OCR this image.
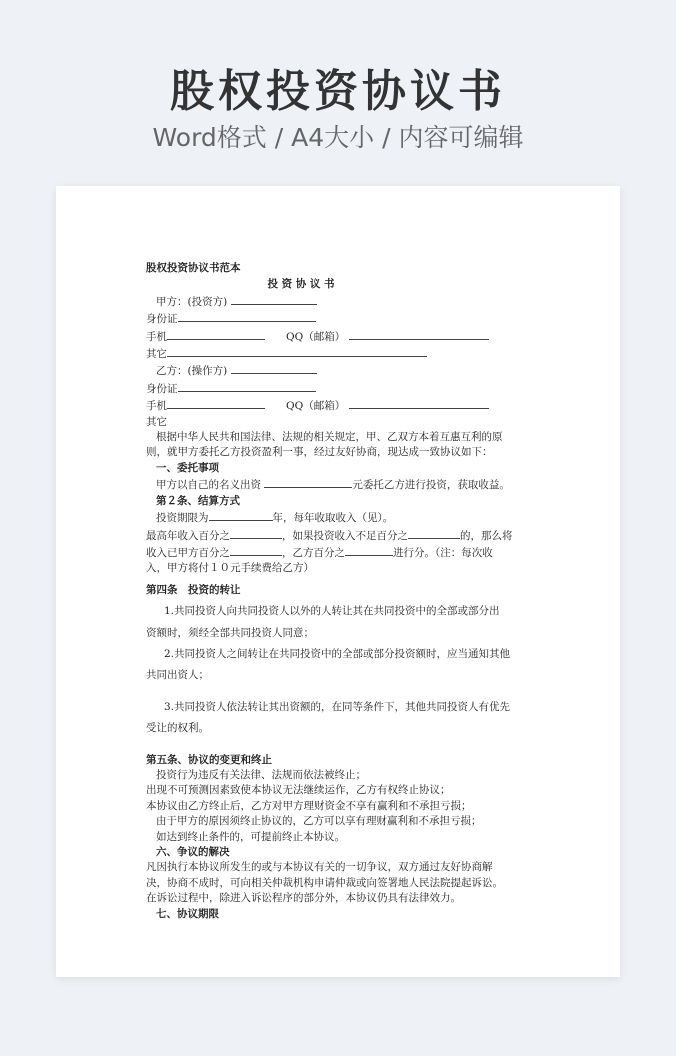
股权投资协议书
Word格式 / A4大小 / 内容可编辑
股权投资协议书范本
投 资 协 议 书
甲方：(投资方)
身份证
手机　　	QQ（邮箱）
其它
乙方：(操作方)
身份证
手机　　	QQ（邮箱）
其它
根据中华人民共和国法律、法规的相关规定，甲、乙双方本着互惠互利的原
则，就甲方委托乙方投资盈利一事，经过友好协商，现达成一致协议如下：
一、委托事项
甲方以自己的名义出资	元委托乙方进行投资，获取收益。
第２条、结算方式
投资期限为	年，每年收取收入（见）。
最高年收入百分之	，如果投资收入不足百分之	的，那么将
收入已甲方百分之	，乙方百分之	进行分。（注：每次收
入，甲方将付１０元手续费给乙方）
第四条　投资的转让
1.共同投资人向共同投资人以外的人转让其在共同投资中的全部或部分出
资额时，须经全部共同投资人同意；
2.共同投资人之间转让在共同投资中的全部或部分投资额时，应当通知其他
共同出资人；
3.共同投资人依法转让其出资额的，在同等条件下，其他共同投资人有优先
受让的权利。
第五条、协议的变更和终止
投资行为违反有关法律、法规而依法被终止；
出现不可预测因素致使本协议无法继续运作，乙方有权终止协议；
本协议由乙方终止后，乙方对甲方理财资金不享有赢利和不承担亏损；
由于甲方的原因须终止协议的，乙方可以享有理财赢利和不承担亏损；
如达到终止条件的，可提前终止本协议。
六、争议的解决
凡因执行本协议所发生的或与本协议有关的一切争议，双方通过友好协商解
决，协商不成时，可向相关仲裁机构申请仲裁或向签署地人民法院提起诉讼。
在诉讼过程中，除进入诉讼程序的部分外，本协议仍具有法律效力。
七、协议期限
